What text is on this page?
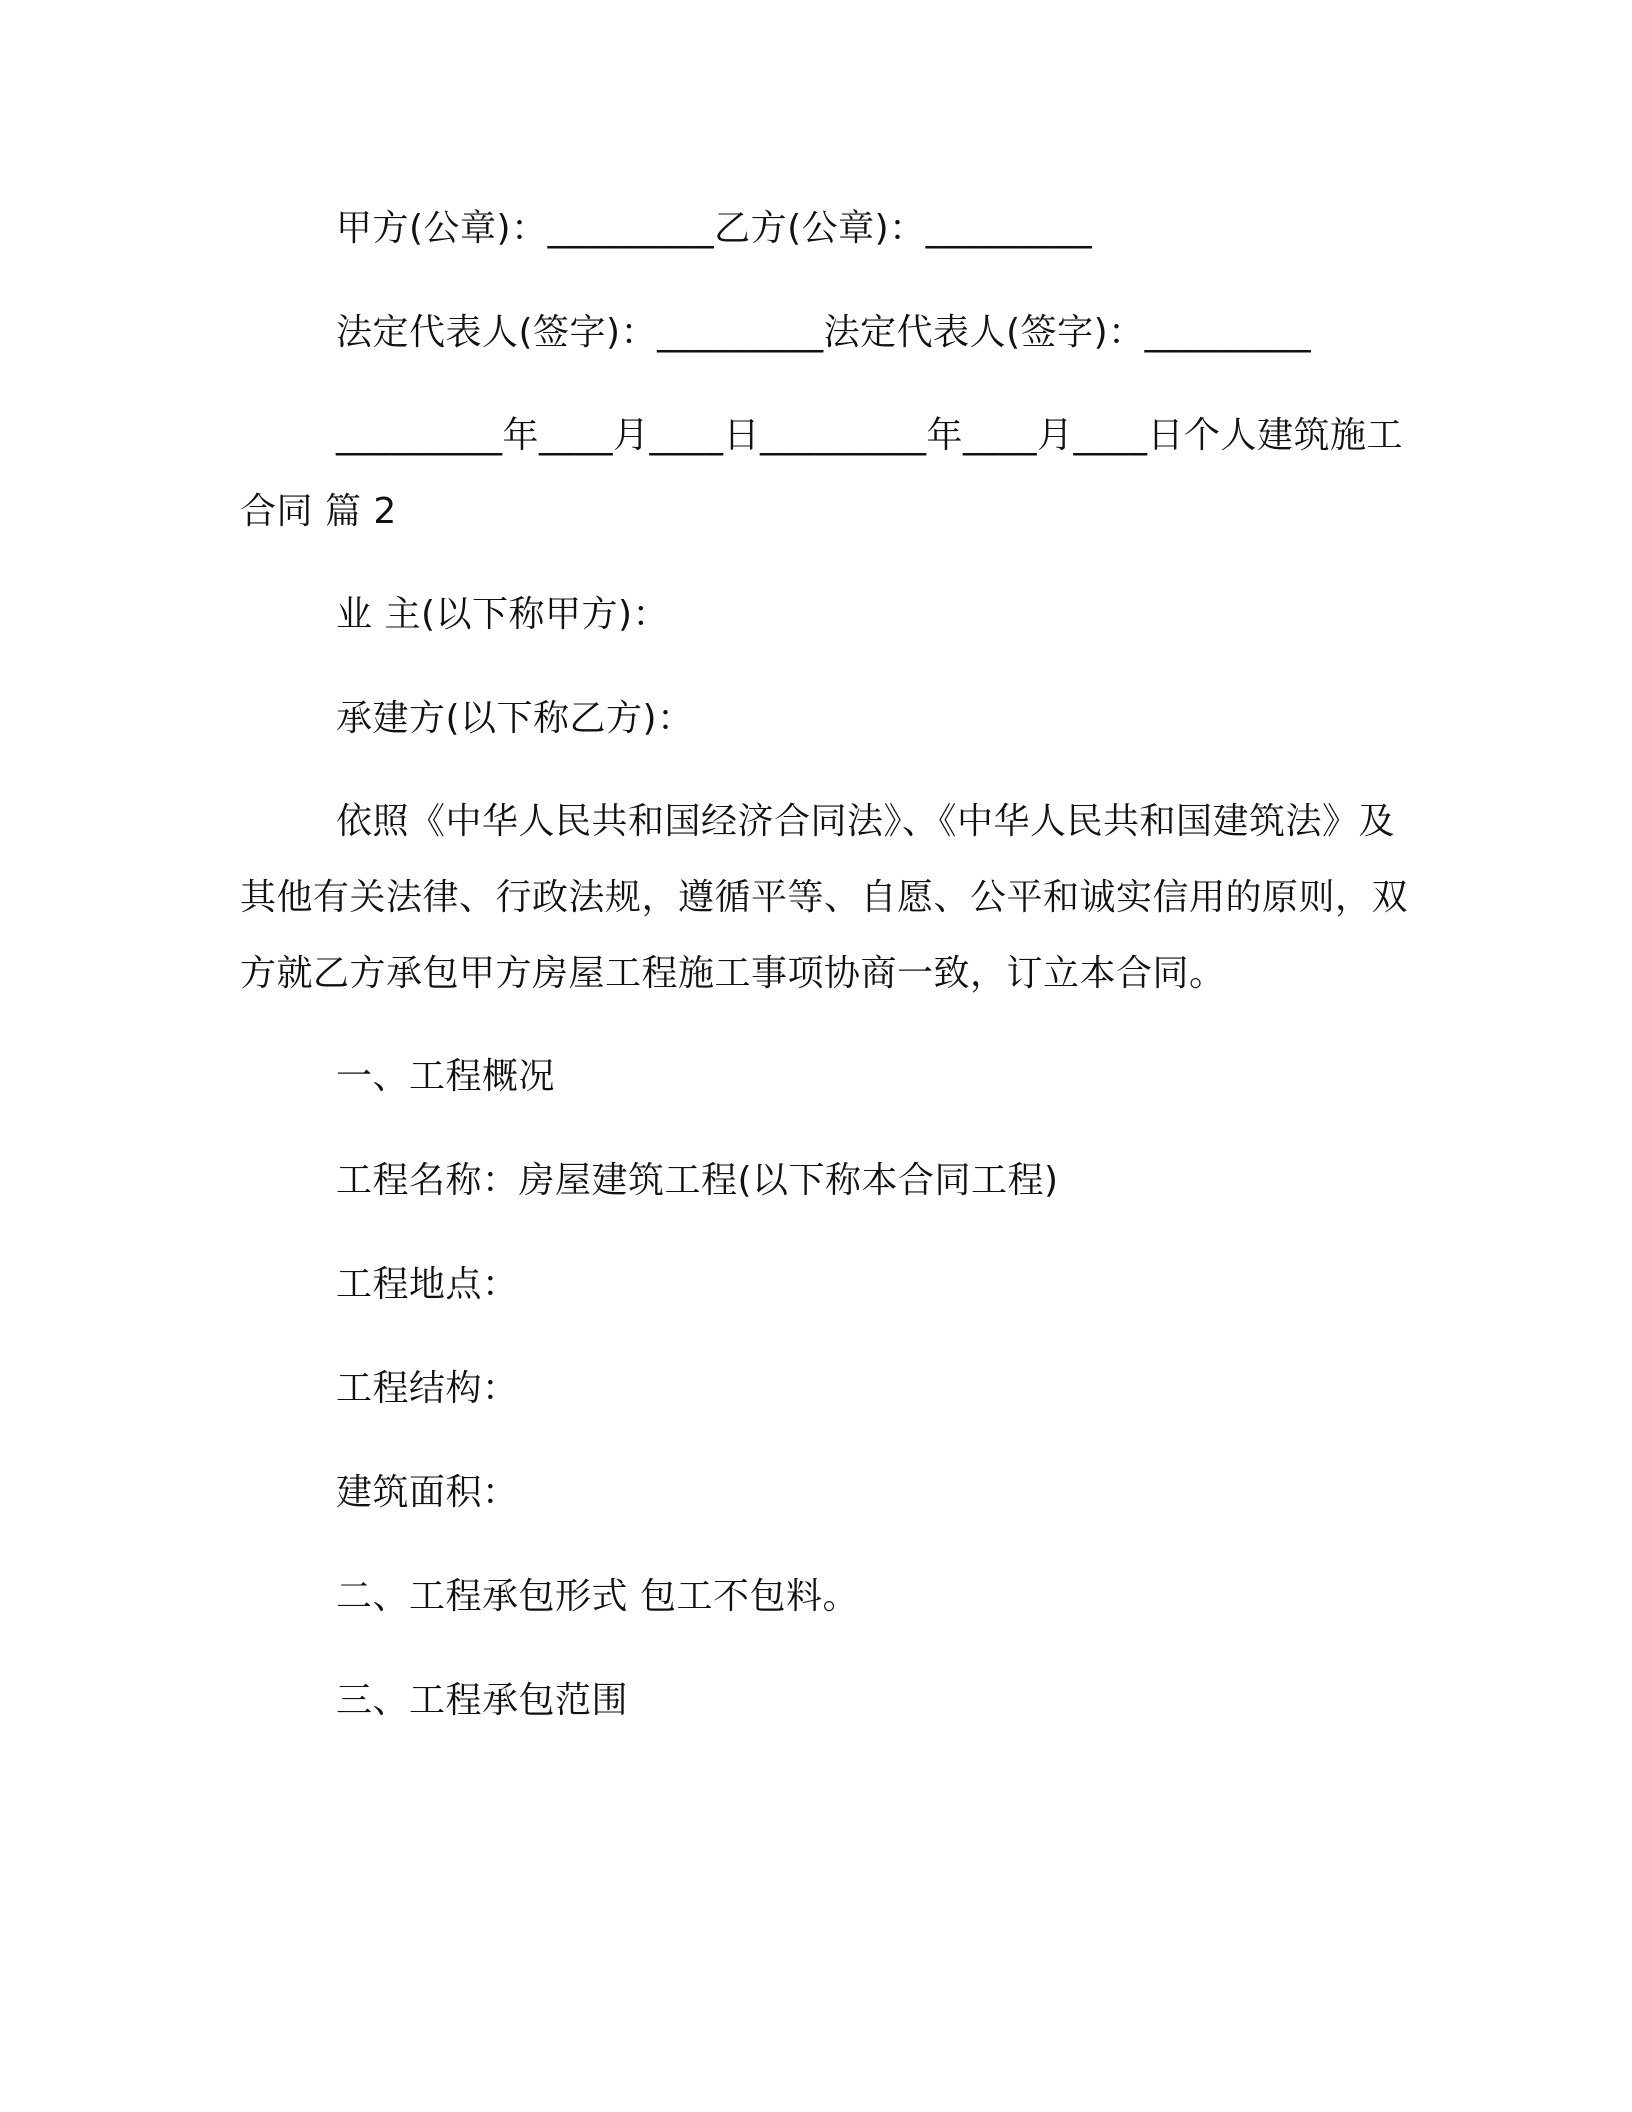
甲方(公章)：_________乙方(公章)：_________

法定代表人(签字)：_________法定代表人(签字)：_________

_________年____月____日_________年____月____日个人建筑施工合同 篇 2

业 主(以下称甲方)：

承建方(以下称乙方)：

依照《中华人民共和国经济合同法》、《中华人民共和国建筑法》及其他有关法律、行政法规，遵循平等、自愿、公平和诚实信用的原则，双方就乙方承包甲方房屋工程施工事项协商一致，订立本合同。

一、工程概况

工程名称：房屋建筑工程(以下称本合同工程)

工程地点：

工程结构：

建筑面积：

二、工程承包形式 包工不包料。

三、工程承包范围
